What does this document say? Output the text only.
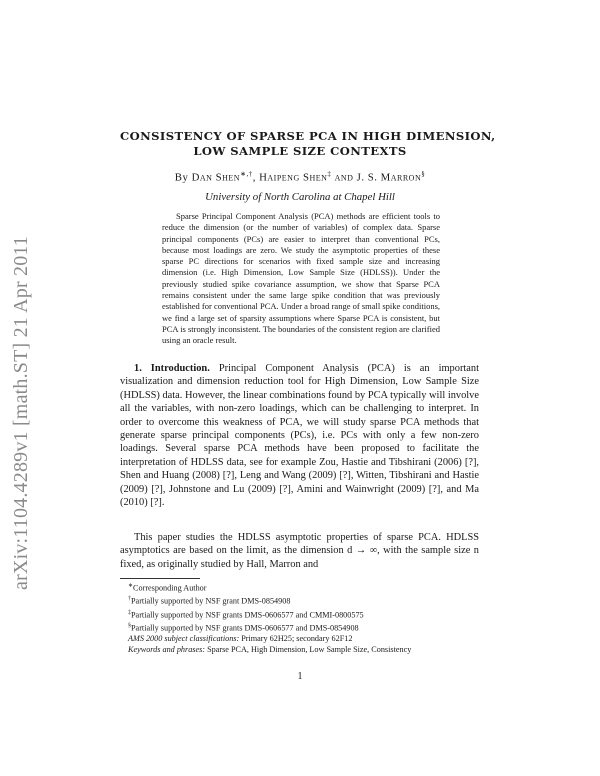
arXiv:1104.4289v1 [math.ST] 21 Apr 2011
CONSISTENCY OF SPARSE PCA IN HIGH DIMENSION,
LOW SAMPLE SIZE CONTEXTS
By Dan Shen∗,†, Haipeng Shen‡ and J. S. Marron§
University of North Carolina at Chapel Hill
Sparse Principal Component Analysis (PCA) methods are efficient tools to reduce the dimension (or the number of variables) of complex data. Sparse principal components (PCs) are easier to interpret than conventional PCs, because most loadings are zero. We study the asymptotic properties of these sparse PC directions for scenarios with fixed sample size and increasing dimension (i.e. High Dimension, Low Sample Size (HDLSS)). Under the previously studied spike covariance assumption, we show that Sparse PCA remains consistent under the same large spike condition that was previously established for conventional PCA. Under a broad range of small spike conditions, we find a large set of sparsity assumptions where Sparse PCA is consistent, but PCA is strongly inconsistent. The boundaries of the consistent region are clarified using an oracle result.
1. Introduction. Principal Component Analysis (PCA) is an important visualization and dimension reduction tool for High Dimension, Low Sample Size (HDLSS) data. However, the linear combinations found by PCA typically will involve all the variables, with non-zero loadings, which can be challenging to interpret. In order to overcome this weakness of PCA, we will study sparse PCA methods that generate sparse principal components (PCs), i.e. PCs with only a few non-zero loadings. Several sparse PCA methods have been proposed to facilitate the interpretation of HDLSS data, see for example Zou, Hastie and Tibshirani (2006) [?], Shen and Huang (2008) [?], Leng and Wang (2009) [?], Witten, Tibshirani and Hastie (2009) [?], Johnstone and Lu (2009) [?], Amini and Wainwright (2009) [?], and Ma (2010) [?].
This paper studies the HDLSS asymptotic properties of sparse PCA. HDLSS asymptotics are based on the limit, as the dimension d → ∞, with the sample size n fixed, as originally studied by Hall, Marron and
∗Corresponding Author
†Partially supported by NSF grant DMS-0854908
‡Partially supported by NSF grants DMS-0606577 and CMMI-0800575
§Partially supported by NSF grants DMS-0606577 and DMS-0854908
AMS 2000 subject classifications: Primary 62H25; secondary 62F12
Keywords and phrases: Sparse PCA, High Dimension, Low Sample Size, Consistency
1
